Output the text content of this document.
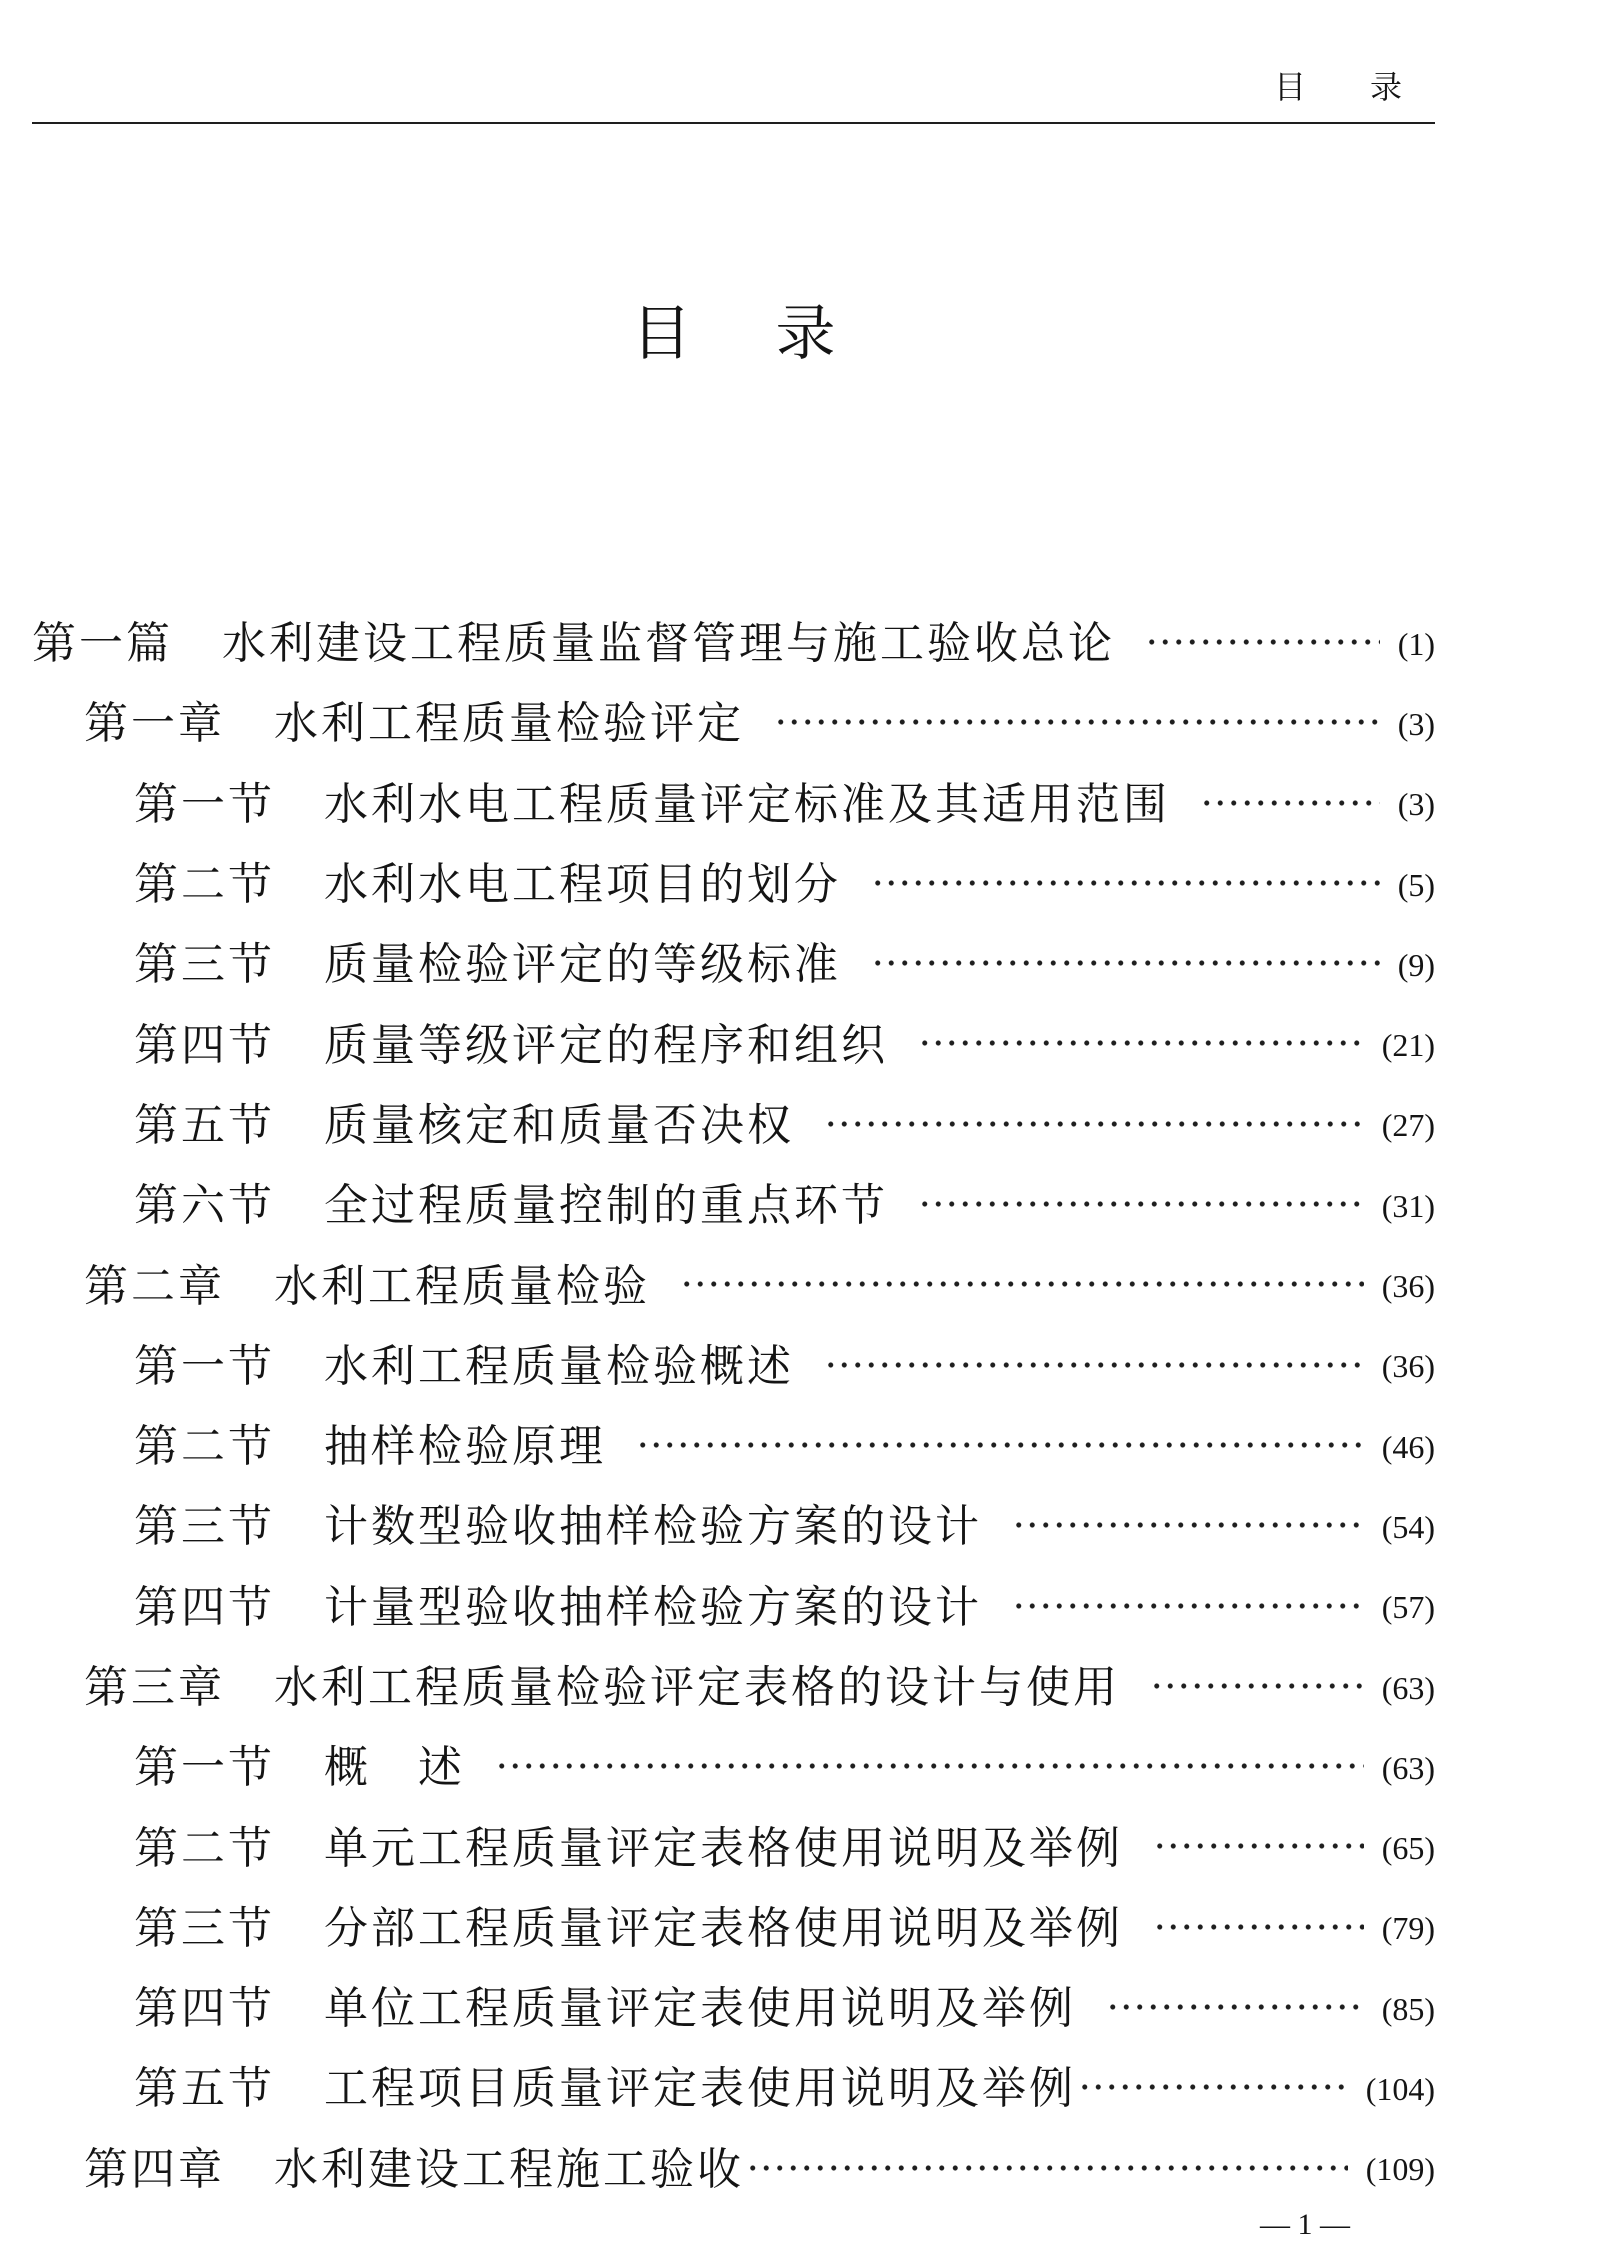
目　　录
目　录
第一篇	水利建设工程质量监督管理与施工验收总论	(1)
第一章	水利工程质量检验评定	(3)
第一节	水利水电工程质量评定标准及其适用范围	(3)
第二节	水利水电工程项目的划分	(5)
第三节	质量检验评定的等级标准	(9)
第四节	质量等级评定的程序和组织	(21)
第五节	质量核定和质量否决权	(27)
第六节	全过程质量控制的重点环节	(31)
第二章	水利工程质量检验	(36)
第一节	水利工程质量检验概述	(36)
第二节	抽样检验原理	(46)
第三节	计数型验收抽样检验方案的设计	(54)
第四节	计量型验收抽样检验方案的设计	(57)
第三章	水利工程质量检验评定表格的设计与使用	(63)
第一节	概　述	(63)
第二节	单元工程质量评定表格使用说明及举例	(65)
第三节	分部工程质量评定表格使用说明及举例	(79)
第四节	单位工程质量评定表使用说明及举例	(85)
第五节	工程项目质量评定表使用说明及举例	(104)
第四章	水利建设工程施工验收	(109)
— 1 —
